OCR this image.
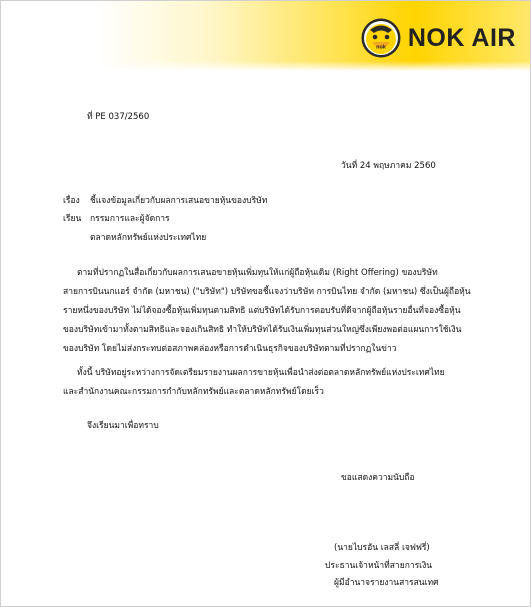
nok NOK AIR
ที่ PE 037/2560
วันที่ 24 พฤษภาคม 2560
เรื่อง ชี้แจงข้อมูลเกี่ยวกับผลการเสนอขายหุ้นของบริษัท
เรียน กรรมการและผู้จัดการ
ตลาดหลักทรัพย์แห่งประเทศไทย

ตามที่ปรากฏในสื่อเกี่ยวกับผลการเสนอขายหุ้นเพิ่มทุนให้แก่ผู้ถือหุ้นเดิม (Right Offering) ของบริษัท

สายการบินนกแอร์ จำกัด (มหาชน) ("บริษัท") บริษัทขอชี้แจงว่าบริษัท การบินไทย จำกัด (มหาชน) ซึ่งเป็นผู้ถือหุ้น

รายหนึ่งของบริษัท ไม่ได้จองซื้อหุ้นเพิ่มทุนตามสิทธิ แต่บริษัทได้รับการตอบรับที่ดีจากผู้ถือหุ้นรายอื่นที่จองซื้อหุ้น

ของบริษัทเข้ามาทั้งตามสิทธิและจองเกินสิทธิ ทำให้บริษัทได้รับเงินเพิ่มทุนส่วนใหญ่ซึ่งเพียงพอต่อแผนการใช้เงิน

ของบริษัท โดยไม่ส่งกระทบต่อสภาพคล่องหรือการดำเนินธุรกิจของบริษัทตามที่ปรากฏในข่าว

ทั้งนี้ บริษัทอยู่ระหว่างการจัดเตรียมรายงานผลการขายหุ้นเพื่อนำส่งต่อตลาดหลักทรัพย์แห่งประเทศไทย

และสำนักงานคณะกรรมการกำกับหลักทรัพย์และตลาดหลักทรัพย์โดยเร็ว

จึงเรียนมาเพื่อทราบ
ขอแสดงความนับถือ
(นายไบรอัน เลสลี่ เจฟฟรี่)
ประธานเจ้าหน้าที่สายการเงิน
ผู้มีอำนาจรายงานสารสนเทศ
